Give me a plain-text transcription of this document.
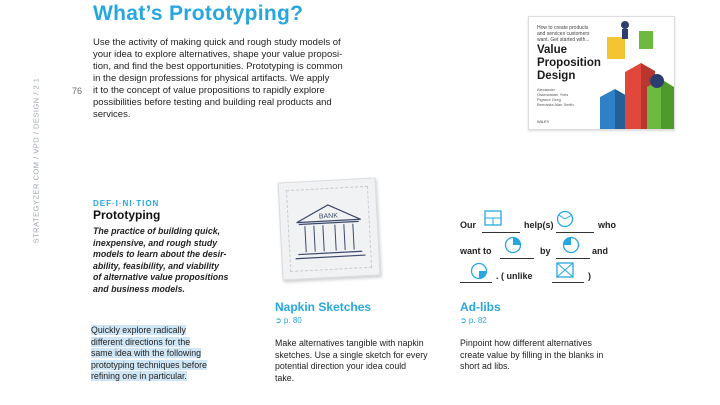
STRATEGYZER.COM / VPD / DESIGN / 2.1	76
What’s Prototyping?
Use the activity of making quick and rough study models of
your idea to explore alternatives, shape your value proposi-
tion, and find the best opportunities. Prototyping is common
in the design professions for physical artifacts. We apply
it to the concept of value propositions to rapidly explore
possibilities before testing and building real products and
services.
How to create products and services customers want. Get started with...
Value
Proposition
Design
Alexander Osterwalder Yves Pigneur Greg Bernarda Alan Smith
WILEY
DEF·I·NI·TION
Prototyping
The practice of building quick,
inexpensive, and rough study
models to learn about the desir-
ability, feasibility, and viability
of alternative value propositions
and business models.
Quickly explore radically
different directions for the
same idea with the following
prototyping techniques before
refining one in particular.
BANK
Napkin Sketches
➲ p. 80
Make alternatives tangible with napkin
sketches. Use a single sketch for every
potential direction your idea could
take.
Our	help(s)	who
want to	by	and
. ( unlike	)
Ad-libs
➲ p. 82
Pinpoint how different alternatives
create value by filling in the blanks in
short ad libs.
